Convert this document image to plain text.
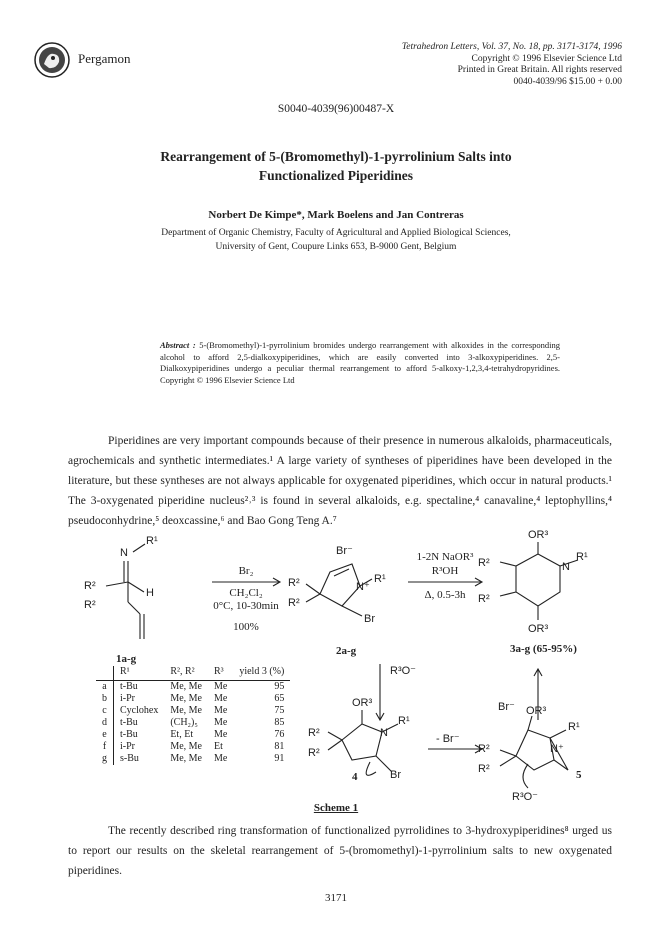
Pergamon
Tetrahedron Letters, Vol. 37, No. 18, pp. 3171-3174, 1996
Copyright © 1996 Elsevier Science Ltd
Printed in Great Britain. All rights reserved
0040-4039/96 $15.00 + 0.00
S0040-4039(96)00487-X
Rearrangement of 5-(Bromomethyl)-1-pyrrolinium Salts into
Functionalized Piperidines
Norbert De Kimpe*, Mark Boelens and Jan Contreras
Department of Organic Chemistry, Faculty of Agricultural and Applied Biological Sciences,
University of Gent, Coupure Links 653, B-9000 Gent, Belgium
Abstract : 5-(Bromomethyl)-1-pyrrolinium bromides undergo rearrangement with alkoxides in the corresponding alcohol to afford 2,5-dialkoxypiperidines, which are easily converted into 3-alkoxypiperidines. 2,5-Dialkoxypiperidines undergo a peculiar thermal rearrangement to afford 5-alkoxy-1,2,3,4-tetrahydropyridines. Copyright © 1996 Elsevier Science Ltd
Piperidines are very important compounds because of their presence in numerous alkaloids, pharmaceuticals, agrochemicals and synthetic intermediates.¹ A large variety of syntheses of piperidines have been developed in the literature, but these syntheses are not always applicable for oxygenated piperidines, which occur in natural products.¹ The 3-oxygenated piperidine nucleus²˒³ is found in several alkaloids, e.g. spectaline,⁴ canavaline,⁴ leptophyllins,⁴ pseudoconhydrine,⁵ deoxcassine,⁶ and Bao Gong Teng A.⁷
N
R¹
R²
R²
H
1a-g
Br₂
CH₂Cl₂
0°C, 10-30min
100%
Br⁻
N⁺
R¹
R²
R²
Br
2a-g
1-2N NaOR³
R³OH
Δ, 0.5-3h
OR³
N
R¹
R²
R²
OR³
3a-g (65-95%)
R³O⁻
OR³
N
R¹
R²
R²
Br
4
- Br⁻
Br⁻ OR³
N⁺
R¹
R²
R²	5
R³O⁻
	R¹	R², R²	R³	yield 3 (%)
a	t-Bu	Me, Me	Me	95
b	i-Pr	Me, Me	Me	65
c	Cyclohex	Me, Me	Me	75
d	t-Bu	(CH₂)₅	Me	85
e	t-Bu	Et, Et	Me	76
f	i-Pr	Me, Me	Et	81
g	s-Bu	Me, Me	Me	91
Scheme 1
The recently described ring transformation of functionalized pyrrolidines to 3-hydroxypiperidines⁸ urged us to report our results on the skeletal rearrangement of 5-(bromomethyl)-1-pyrrolinium salts to new oxygenated piperidines.
3171
